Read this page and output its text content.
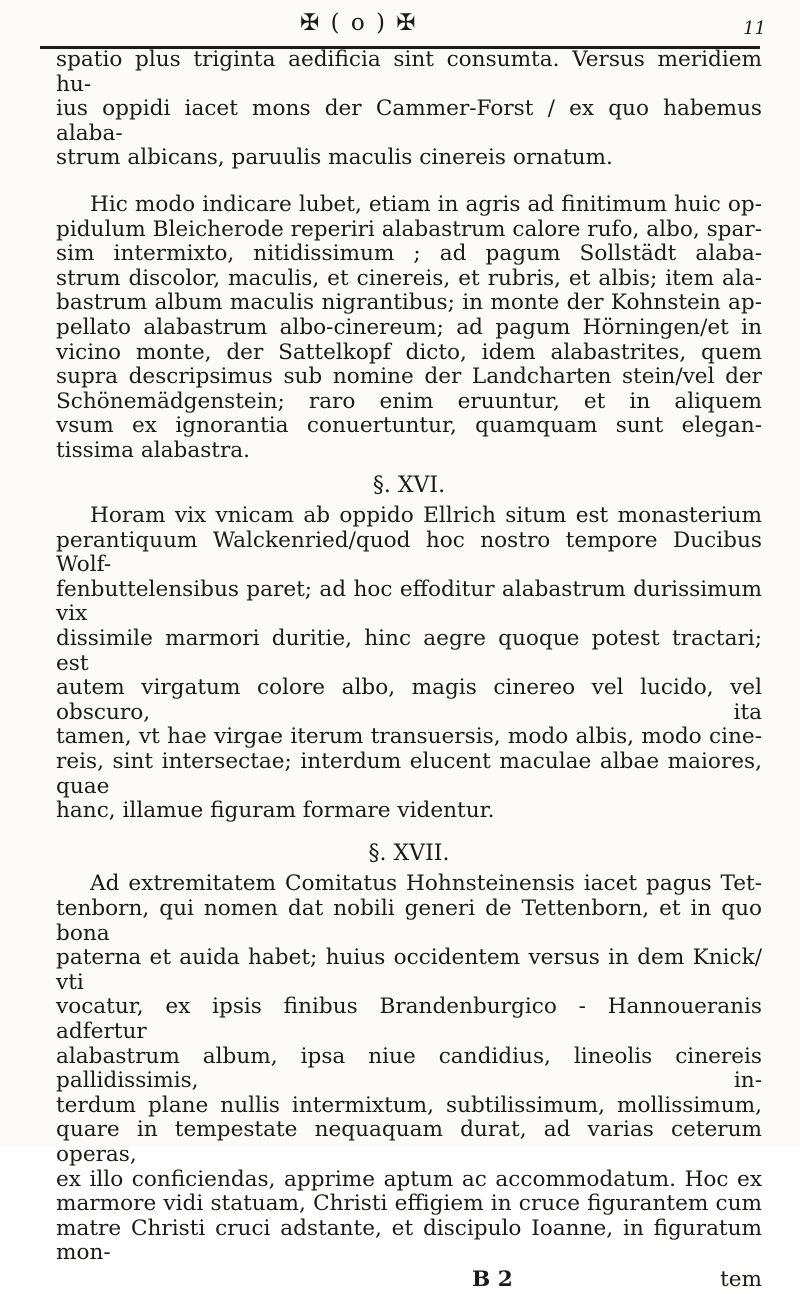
✠ ( o ) ✠	11

spatio plus triginta aedificia sint consumta. Versus meridiem hu-
ius oppidi iacet mons der Cammer-Forst / ex quo habemus alaba-
strum albicans, paruulis maculis cinereis ornatum.

Hic modo indicare lubet, etiam in agris ad finitimum huic op-
pidulum Bleicherode reperiri alabastrum calore rufo, albo, spar-
sim intermixto, nitidissimum ; ad pagum Sollstädt alaba-
strum discolor, maculis, et cinereis, et rubris, et albis; item ala-
bastrum album maculis nigrantibus; in monte der Kohnstein ap-
pellato alabastrum albo-cinereum; ad pagum Hörningen/et in
vicino monte, der Sattelkopf dicto, idem alabastrites, quem
supra descripsimus sub nomine der Landcharten stein/vel der
Schönemädgenstein; raro enim eruuntur, et in aliquem
vsum ex ignorantia conuertuntur, quamquam sunt elegan-
tissima alabastra.

§. XVI.

Horam vix vnicam ab oppido Ellrich situm est monasterium
perantiquum Walckenried/quod hoc nostro tempore Ducibus Wolf-
fenbuttelensibus paret; ad hoc effoditur alabastrum durissimum vix
dissimile marmori duritie, hinc aegre quoque potest tractari; est
autem virgatum colore albo, magis cinereo vel lucido, vel obscuro, ita
tamen, vt hae virgae iterum transuersis, modo albis, modo cine-
reis, sint intersectae; interdum elucent maculae albae maiores, quae
hanc, illamue figuram formare videntur.

§. XVII.

Ad extremitatem Comitatus Hohnsteinensis iacet pagus Tet-
tenborn, qui nomen dat nobili generi de Tettenborn, et in quo bona
paterna et auida habet; huius occidentem versus in dem Knick/ vti
vocatur, ex ipsis finibus Brandenburgico - Hannoueranis adfertur
alabastrum album, ipsa niue candidius, lineolis cinereis pallidissimis, in-
terdum plane nullis intermixtum, subtilissimum, mollissimum,
quare in tempestate nequaquam durat, ad varias ceterum operas,
ex illo conficiendas, apprime aptum ac accommodatum. Hoc ex
marmore vidi statuam, Christi effigiem in cruce figurantem cum
matre Christi cruci adstante, et discipulo Ioanne, in figuratum mon-

B 2	tem
